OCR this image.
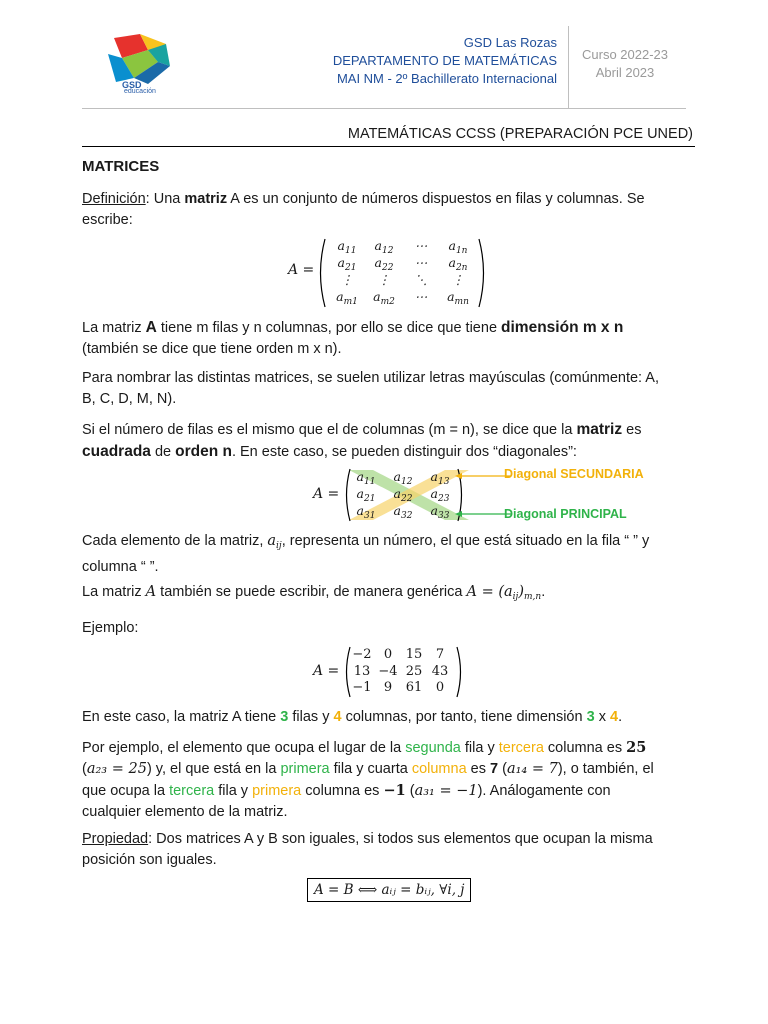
GSD
educación
GSD Las Rozas
DEPARTAMENTO DE MATEMÁTICAS
MAI NM - 2º Bachillerato Internacional
Curso 2022-23
Abril 2023
MATEMÁTICAS CCSS (PREPARACIÓN PCE UNED)
MATRICES
Definición: Una matriz A es un conjunto de números dispuestos en filas y columnas. Se
escribe:
A =
$a_{11}$	$a_{12}$	⋯	$a_{1n}$
$a_{21}$	$a_{22}$	⋯	$a_{2n}$
⋮	⋮	⋱	⋮
$a_{m1}$	$a_{m2}$	⋯	$a_{mn}$
La matriz A tiene m filas y n columnas, por ello se dice que tiene dimensión m x n
(también se dice que tiene orden m x n).
Para nombrar las distintas matrices, se suelen utilizar letras mayúsculas (comúnmente: A,
B, C, D, M, N).
Si el número de filas es el mismo que el de columnas (m = n), se dice que la matriz es
cuadrada de orden n. En este caso, se pueden distinguir dos “diagonales”:
A =
$a_{11}$	$a_{12}$	$a_{13}$
$a_{21}$	$a_{22}$	$a_{23}$
$a_{31}$	$a_{32}$	$a_{33}$
Diagonal SECUNDARIA
Diagonal PRINCIPAL
Cada elemento de la matriz, $a_{ij}$, representa un número, el que está situado en la fila “ ” y
columna “ ”.
La matriz A también se puede escribir, de manera genérica $A = (a_{ij})_{m,n}$.
Ejemplo:
A =
−2 0	15	7
13 −4 25 43
−1 9	61	0
En este caso, la matriz A tiene 3 filas y 4 columnas, por tanto, tiene dimensión 3 x 4.
Por ejemplo, el elemento que ocupa el lugar de la segunda fila y tercera columna es 25
(a₂₃ = 25) y, el que está en la primera fila y cuarta columna es 7 (a₁₄ = 7), o también, el
que ocupa la tercera fila y primera columna es −1 (a₃₁ = −1). Análogamente con
cualquier elemento de la matriz.
Propiedad: Dos matrices A y B son iguales, si todos sus elementos que ocupan la misma
posición son iguales.
A = B ⟺ aᵢⱼ = bᵢⱼ, ∀i, j
